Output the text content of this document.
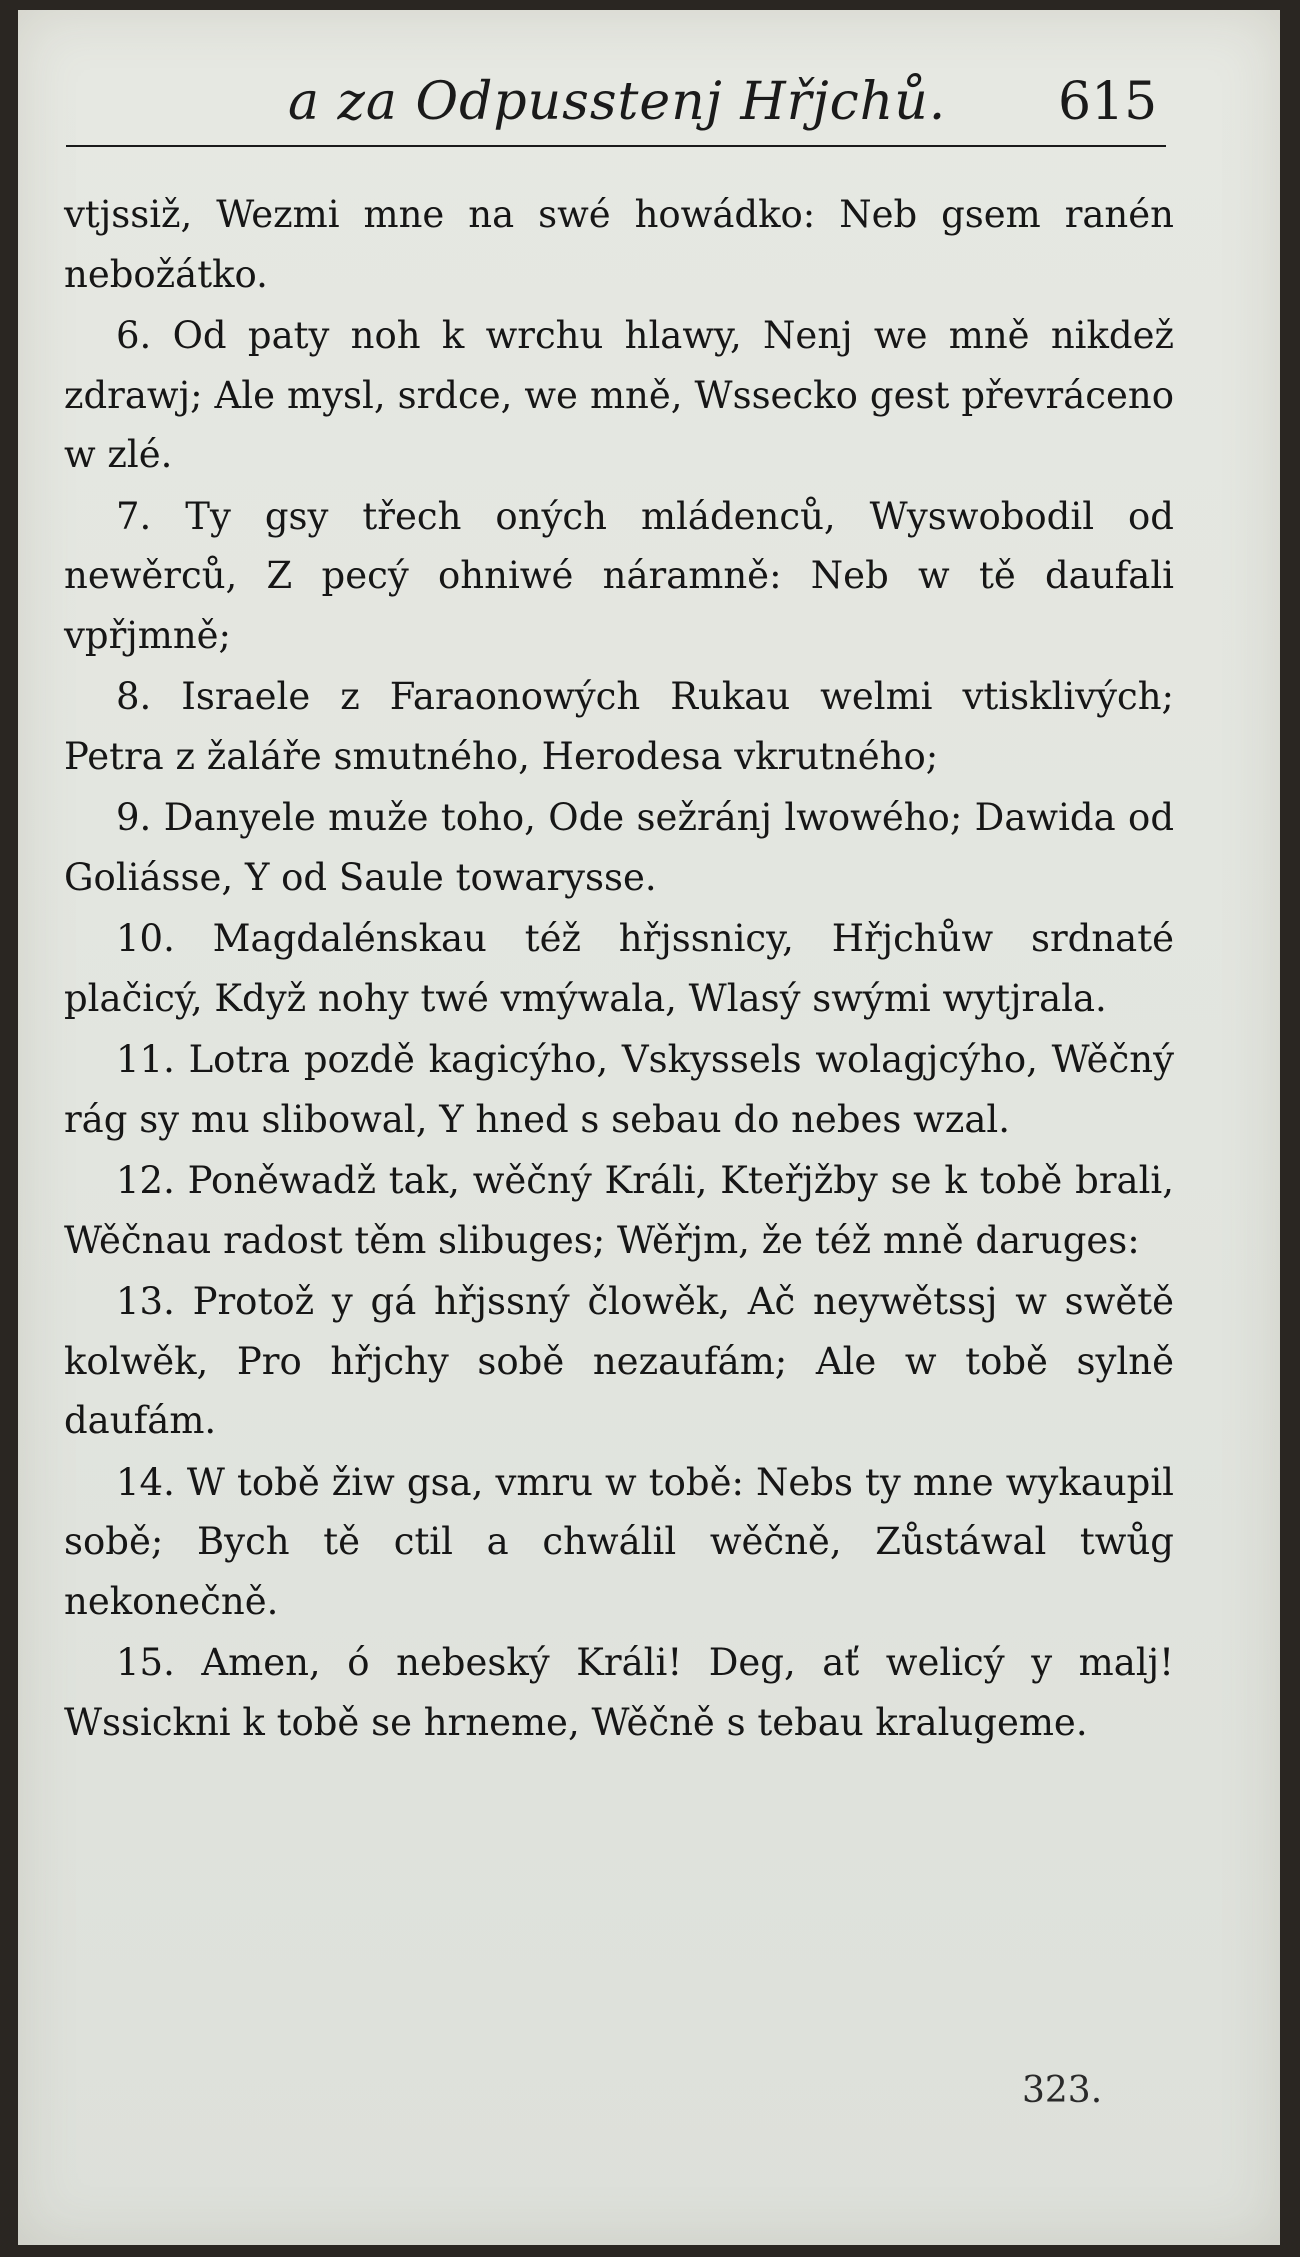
a za Odpusstenj Hřjchů. 615

vtjssiž, Wezmi mne na swé howádko: Neb gsem ranén nebožátko.

6. Od paty noh k wrchu hlawy, Nenj we mně nikdež zdrawj; Ale mysl, srdce, we mně, Wssecko gest převráceno w zlé.

7. Ty gsy třech oných mládenců, Wyswobodil od newěrců, Z pecý ohniwé náramně: Neb w tě daufali vpřjmně;

8. Israele z Faraonowých Rukau welmi vtisklivých; Petra z žaláře smutného, Herodesa vkrutného;

9. Danyele muže toho, Ode sežránj lwowého; Dawida od Goliásse, Y od Saule towarysse.

10. Magdalénskau též hřjssnicy, Hřjchůw srdnaté plačicý, Když nohy twé vmýwala, Wlasý swými wytjrala.

11. Lotra pozdě kagicýho, Vskyssels wolagjcýho, Wěčný rág sy mu slibowal, Y hned s sebau do nebes wzal.

12. Poněwadž tak, wěčný Králi, Kteřjžby se k tobě brali, Wěčnau radost těm slibuges; Wěřjm, že též mně daruges:

13. Protož y gá hřjssný člowěk, Ač neywětssj w swětě kolwěk, Pro hřjchy sobě nezaufám; Ale w tobě sylně daufám.

14. W tobě žiw gsa, vmru w tobě: Nebs ty mne wykaupil sobě; Bych tě ctil a chwálil wěčně, Zůstáwal twůg nekonečně.

15. Amen, ó nebeský Králi! Deg, ať welicý y malj! Wssickni k tobě se hrneme, Wěčně s tebau kralugeme.

323.
